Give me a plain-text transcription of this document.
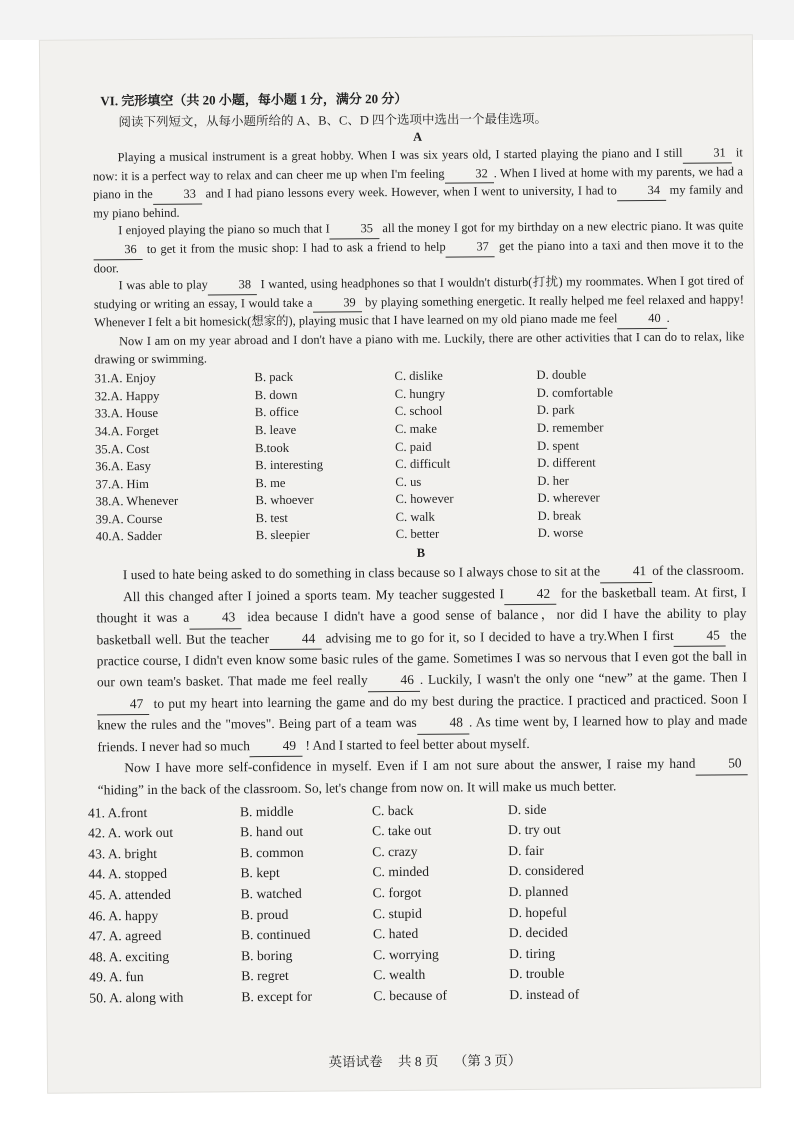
VI. 完形填空（共 20 小题，每小题 1 分，满分 20 分）
阅读下列短文，从每小题所给的 A、B、C、D 四个选项中选出一个最佳选项。
A

Playing a musical instrument is a great hobby. When I was six years old, I started playing the piano and I still 31 it now: it is a perfect way to relax and can cheer me up when I'm feeling 32 . When I lived at home with my parents, we had a piano in the 33 and I had piano lessons every week. However, when I went to university, I had to 34 my family and my piano behind.

I enjoyed playing the piano so much that I 35 all the money I got for my birthday on a new electric piano. It was quite36 to get it from the music shop: I had to ask a friend to help 37 get the piano into a taxi and then move it to the door.

I was able to play 38 I wanted, using headphones so that I wouldn't disturb(打扰) my roommates. When I got tired of studying or writing an essay, I would take a 39 by playing something energetic. It really helped me feel relaxed and happy! Whenever I felt a bit homesick(想家的), playing music that I have learned on my old piano made me feel 40 .

Now I am on my year abroad and I don't have a piano with me. Luckily, there are other activities that I can do to relax, like drawing or swimming.

31.A. Enjoy	B. pack	C. dislike	D. double
32.A. Happy	B. down	C. hungry	D. comfortable
33.A. House	B. office	C. school	D. park
34.A. Forget	B. leave	C. make	D. remember
35.A. Cost	B.took	C. paid	D. spent
36.A. Easy	B. interesting	C. difficult	D. different
37.A. Him	B. me	C. us	D. her
38.A. Whenever	B. whoever	C. however	D. wherever
39.A. Course	B. test	C. walk	D. break
40.A. Sadder	B. sleepier	C. better	D. worse
B

I used to hate being asked to do something in class because so I always chose to sit at the 41 of the classroom.

All this changed after I joined a sports team. My teacher suggested I 42 for the basketball team. At first, I thought it was a 43 idea because I didn't have a good sense of balance，nor did I have the ability to play basketball well. But the teacher 44 advising me to go for it, so I decided to have a try.When I first 45 the practice course, I didn't even know some basic rules of the game. Sometimes I was so nervous that I even got the ball in our own team's basket. That made me feel really 46 . Luckily, I wasn't the only one “new” at the game. Then I47 to put my heart into learning the game and do my best during the practice. I practiced and practiced. Soon I knew the rules and the "moves". Being part of a team was 48 . As time went by, I learned how to play and made friends. I never had so much 49 ! And I started to feel better about myself.

Now I have more self-confidence in myself. Even if I am not sure about the answer, I raise my hand 50 “hiding” in the back of the classroom. So, let's change from now on. It will make us much better.

41. A.front	B. middle	C. back	D. side
42. A. work out	B. hand out	C. take out	D. try out
43. A. bright	B. common	C. crazy	D. fair
44. A. stopped	B. kept	C. minded	D. considered
45. A. attended	B. watched	C. forgot	D. planned
46. A. happy	B. proud	C. stupid	D. hopeful
47. A. agreed	B. continued	C. hated	D. decided
48. A. exciting	B. boring	C. worrying	D. tiring
49. A. fun	B. regret	C. wealth	D. trouble
50. A. along with	B. except for	C. because of	D. instead of
英语试卷 共 8 页 （第 3 页）
